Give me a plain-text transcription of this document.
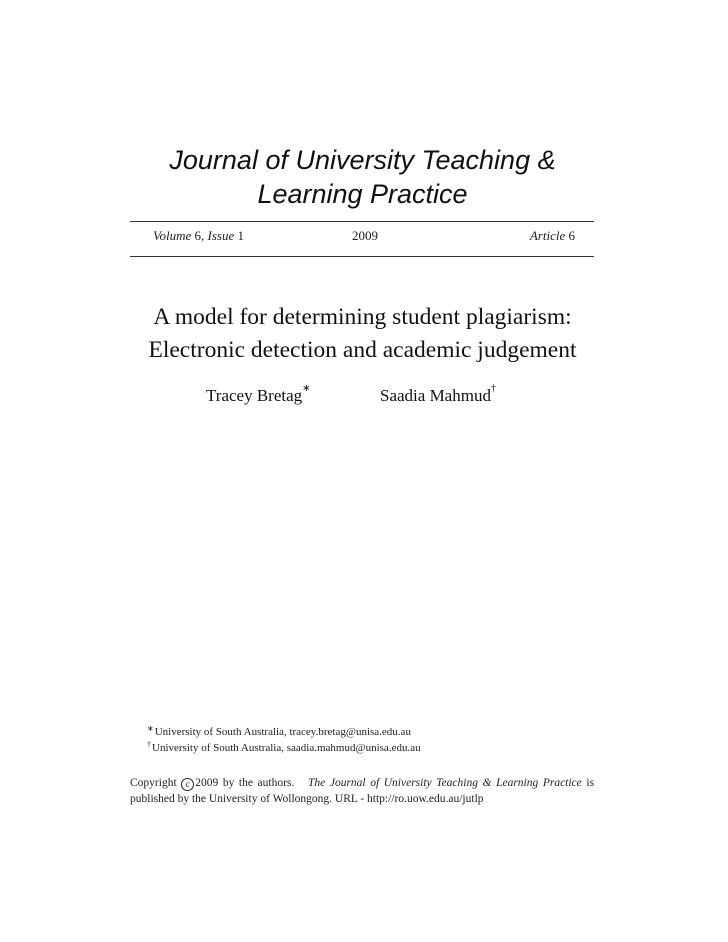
Journal of University Teaching &
Learning Practice
Volume 6, Issue 1	2009	Article 6
A model for determining student plagiarism:
Electronic detection and academic judgement
Tracey Bretag∗	Saadia Mahmud†
∗University of South Australia, tracey.bretag@unisa.edu.au
†University of South Australia, saadia.mahmud@unisa.edu.au
Copyright c 2009 by the authors. The Journal of University Teaching & Learning Practice is published by the University of Wollongong. URL - http://ro.uow.edu.au/jutlp
